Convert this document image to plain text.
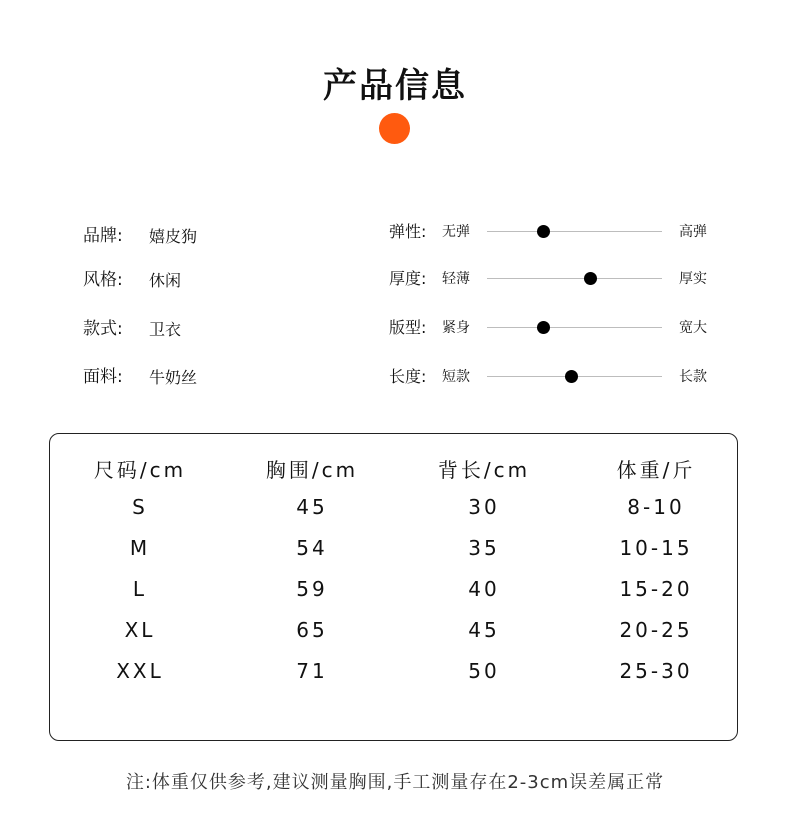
产品信息
品牌: 嬉皮狗
风格: 休闲
款式: 卫衣
面料: 牛奶丝
弹性: 无弹	高弹
厚度: 轻薄	厚实
版型: 紧身	宽大
长度: 短款	长款
尺码/cm	胸围/cm	背长/cm	体重/斤
S	45	30	8-10
M	54	35	10-15
L	59	40	15-20
XL	65	45	20-25
XXL	71	50	25-30
注:体重仅供参考,建议测量胸围,手工测量存在2-3cm误差属正常
